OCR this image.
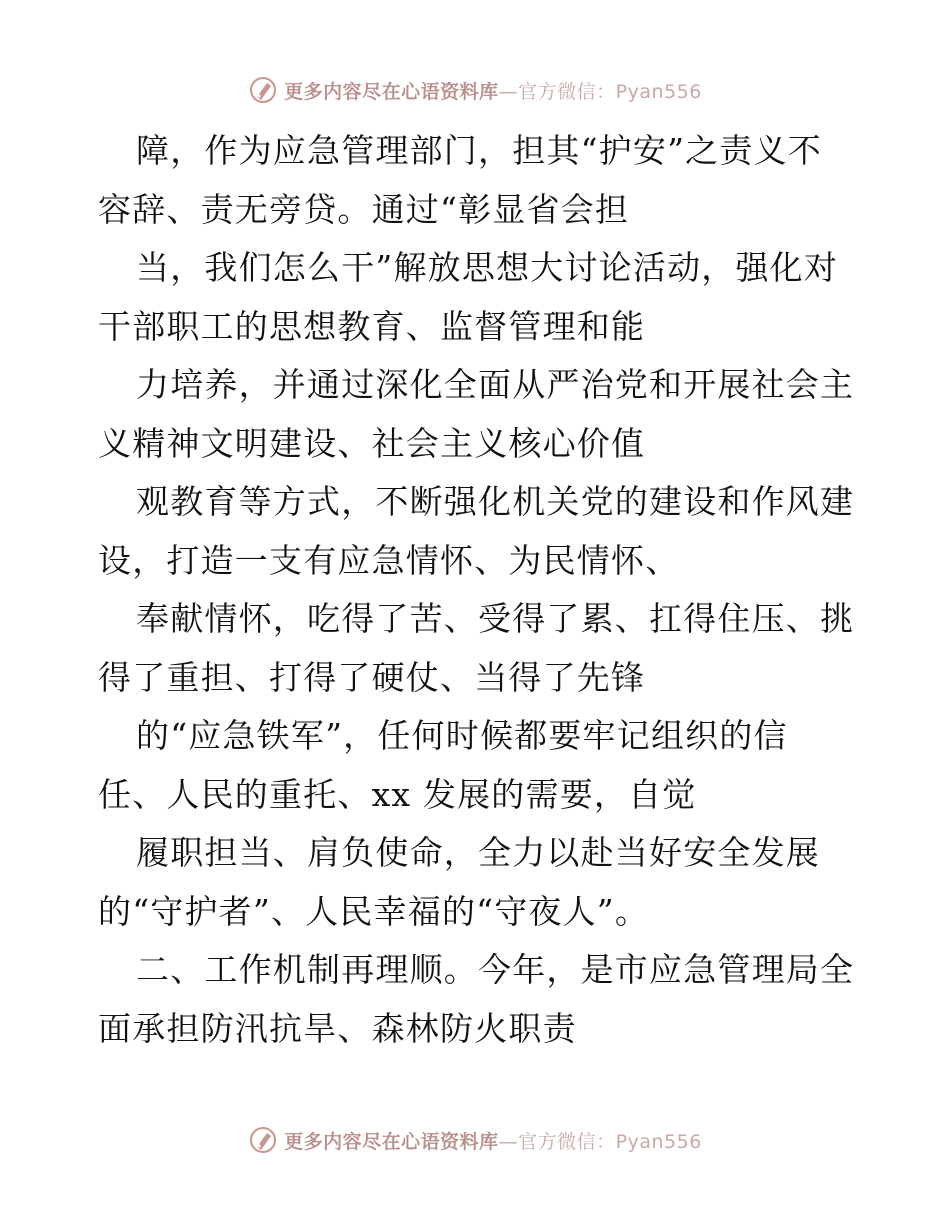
更多内容尽在心语资料库—官方微信：Pyan556
障，作为应急管理部门，担其“护安”之责义不
容辞、责无旁贷。通过“彰显省会担
当，我们怎么干”解放思想大讨论活动，强化对
干部职工的思想教育、监督管理和能
力培养，并通过深化全面从严治党和开展社会主
义精神文明建设、社会主义核心价值
观教育等方式，不断强化机关党的建设和作风建
设，打造一支有应急情怀、为民情怀、
奉献情怀，吃得了苦、受得了累、扛得住压、挑
得了重担、打得了硬仗、当得了先锋
的“应急铁军”，任何时候都要牢记组织的信
任、人民的重托、xx 发展的需要，自觉
履职担当、肩负使命，全力以赴当好安全发展
的“守护者”、人民幸福的“守夜人”。
二、工作机制再理顺。今年，是市应急管理局全
面承担防汛抗旱、森林防火职责
更多内容尽在心语资料库—官方微信：Pyan556
